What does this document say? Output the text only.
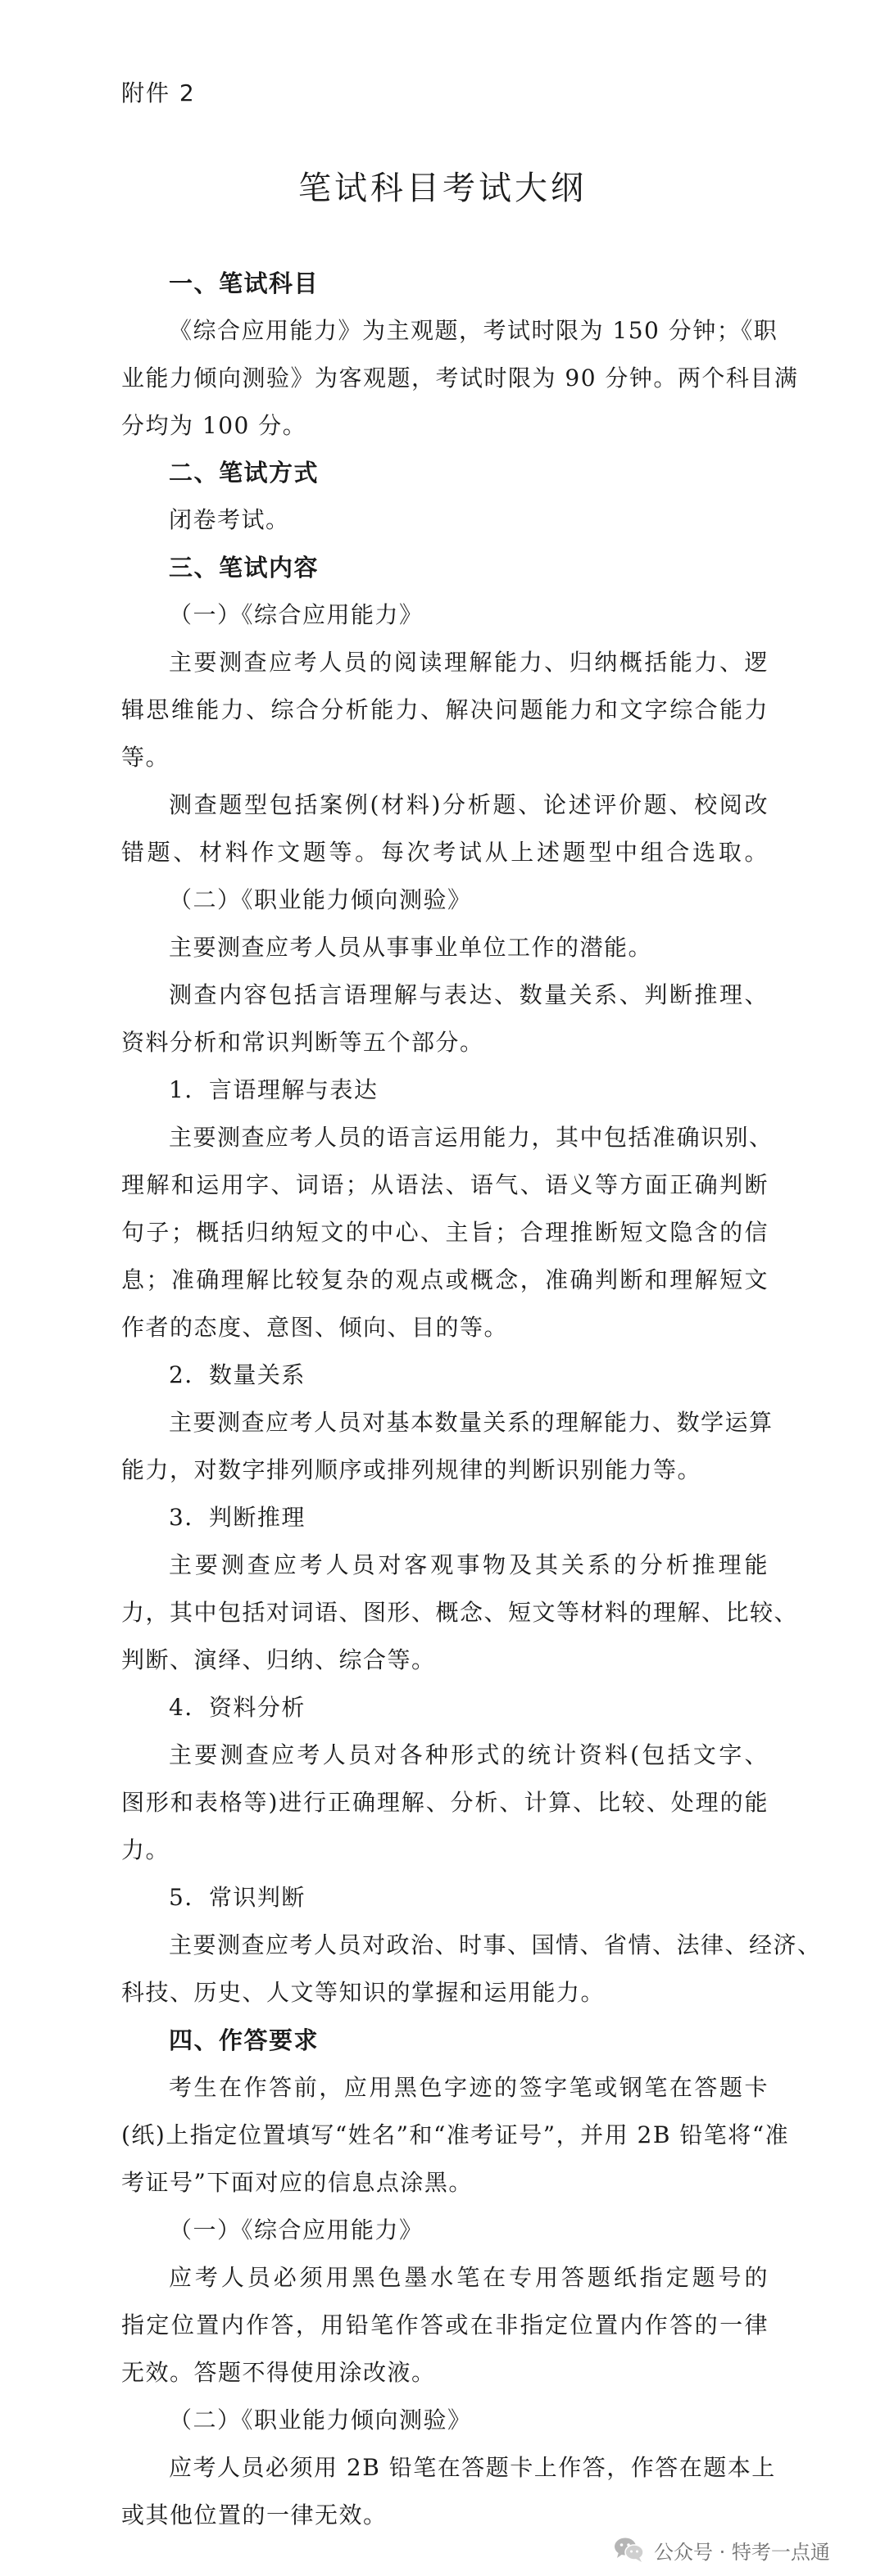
附件 2
笔试科目考试大纲
一、笔试科目
《综合应用能力》为主观题，考试时限为 150 分钟；《职
业能力倾向测验》为客观题，考试时限为 90 分钟。两个科目满
分均为 100 分。
二、笔试方式
闭卷考试。
三、笔试内容
（一）《综合应用能力》
主要测查应考人员的阅读理解能力、归纳概括能力、逻
辑思维能力、综合分析能力、解决问题能力和文字综合能力
等。
测查题型包括案例(材料)分析题、论述评价题、校阅改
错题、材料作文题等。每次考试从上述题型中组合选取。
（二）《职业能力倾向测验》
主要测查应考人员从事事业单位工作的潜能。
测查内容包括言语理解与表达、数量关系、判断推理、
资料分析和常识判断等五个部分。
1．言语理解与表达
主要测查应考人员的语言运用能力，其中包括准确识别、
理解和运用字、词语；从语法、语气、语义等方面正确判断
句子；概括归纳短文的中心、主旨；合理推断短文隐含的信
息；准确理解比较复杂的观点或概念，准确判断和理解短文
作者的态度、意图、倾向、目的等。
2．数量关系
主要测查应考人员对基本数量关系的理解能力、数学运算
能力，对数字排列顺序或排列规律的判断识别能力等。
3．判断推理
主要测查应考人员对客观事物及其关系的分析推理能
力，其中包括对词语、图形、概念、短文等材料的理解、比较、
判断、演绎、归纳、综合等。
4．资料分析
主要测查应考人员对各种形式的统计资料(包括文字、
图形和表格等)进行正确理解、分析、计算、比较、处理的能
力。
5．常识判断
主要测查应考人员对政治、时事、国情、省情、法律、经济、
科技、历史、人文等知识的掌握和运用能力。
四、作答要求
考生在作答前，应用黑色字迹的签字笔或钢笔在答题卡
(纸)上指定位置填写“姓名”和“准考证号”，并用 2B 铅笔将“准
考证号”下面对应的信息点涂黑。
（一）《综合应用能力》
应考人员必须用黑色墨水笔在专用答题纸指定题号的
指定位置内作答，用铅笔作答或在非指定位置内作答的一律
无效。答题不得使用涂改液。
（二）《职业能力倾向测验》
应考人员必须用 2B 铅笔在答题卡上作答，作答在题本上
或其他位置的一律无效。
公众号 · 特考一点通
